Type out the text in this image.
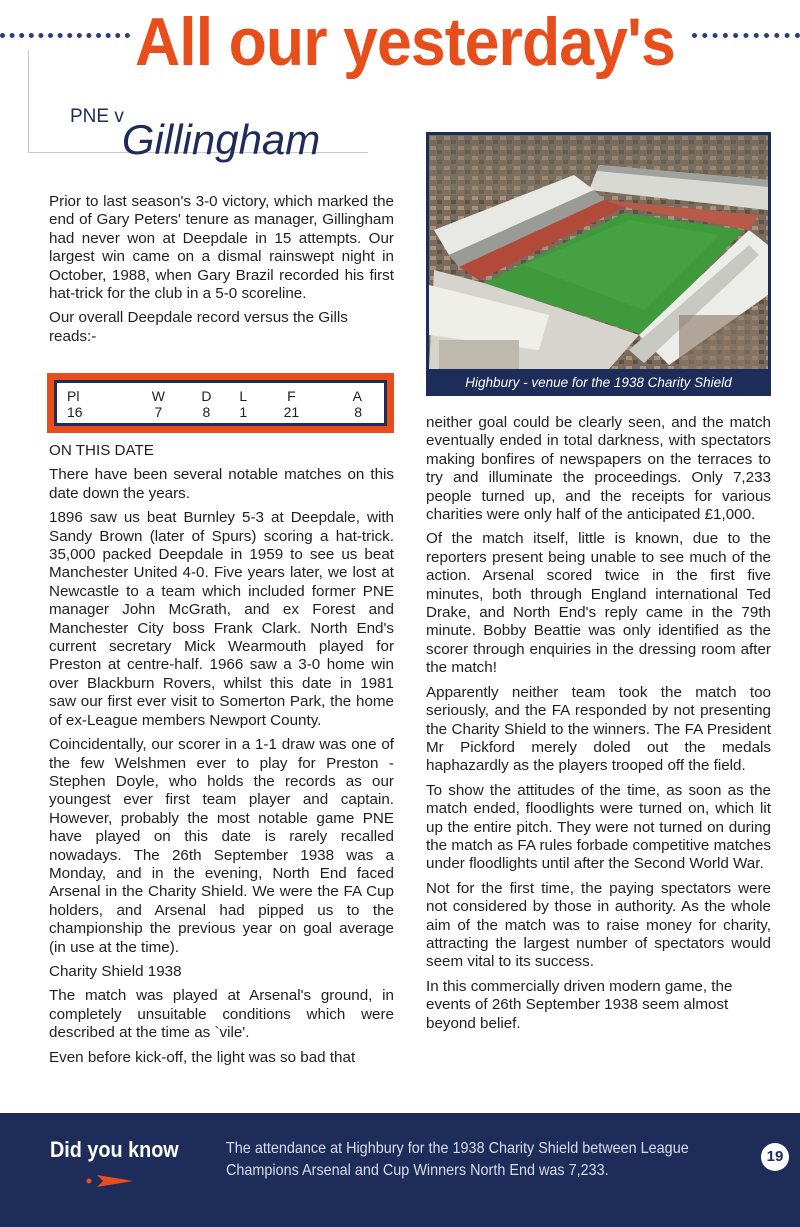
All our yesterday's
PNE vGillingham

Prior to last season's 3-0 victory, which marked the end of Gary Peters' tenure as manager, Gillingham had never won at Deepdale in 15 attempts. Our largest win came on a dismal rainswept night in October, 1988, when Gary Brazil recorded his first hat-trick for the club in a 5-0 scoreline.

Our overall Deepdale record versus the Gills reads:-

Pl	W	D	L	F	A
16	7	8	1	21	8
ON THIS DATE

There have been several notable matches on this date down the years.

1896 saw us beat Burnley 5-3 at Deepdale, with Sandy Brown (later of Spurs) scoring a hat-trick. 35,000 packed Deepdale in 1959 to see us beat Manchester United 4-0. Five years later, we lost at Newcastle to a team which included former PNE manager John McGrath, and ex Forest and Manchester City boss Frank Clark. North End's current secretary Mick Wearmouth played for Preston at centre-half. 1966 saw a 3-0 home win over Blackburn Rovers, whilst this date in 1981 saw our first ever visit to Somerton Park, the home of ex-League members Newport County.

Coincidentally, our scorer in a 1-1 draw was one of the few Welshmen ever to play for Preston - Stephen Doyle, who holds the records as our youngest ever first team player and captain. However, probably the most notable game PNE have played on this date is rarely recalled nowadays. The 26th September 1938 was a Monday, and in the evening, North End faced Arsenal in the Charity Shield. We were the FA Cup holders, and Arsenal had pipped us to the championship the previous year on goal average (in use at the time).

Charity Shield 1938

The match was played at Arsenal's ground, in completely unsuitable conditions which were described at the time as `vile'.

Even before kick-off, the light was so bad that

Highbury - venue for the 1938 Charity Shield

neither goal could be clearly seen, and the match eventually ended in total darkness, with spectators making bonfires of newspapers on the terraces to try and illuminate the proceedings. Only 7,233 people turned up, and the receipts for various charities were only half of the anticipated £1,000.

Of the match itself, little is known, due to the reporters present being unable to see much of the action. Arsenal scored twice in the first five minutes, both through England international Ted Drake, and North End's reply came in the 79th minute. Bobby Beattie was only identified as the scorer through enquiries in the dressing room after the match!

Apparently neither team took the match too seriously, and the FA responded by not presenting the Charity Shield to the winners. The FA President Mr Pickford merely doled out the medals haphazardly as the players trooped off the field.

To show the attitudes of the time, as soon as the match ended, floodlights were turned on, which lit up the entire pitch. They were not turned on during the match as FA rules forbade competitive matches under floodlights until after the Second World War.

Not for the first time, the paying spectators were not considered by those in authority. As the whole aim of the match was to raise money for charity, attracting the largest number of spectators would seem vital to its success.

In this commercially driven modern game, the events of 26th September 1938 seem almost beyond belief.

Did you know	The attendance at Highbury for the 1938 Charity Shield between League Champions Arsenal and Cup Winners North End was 7,233.
19
